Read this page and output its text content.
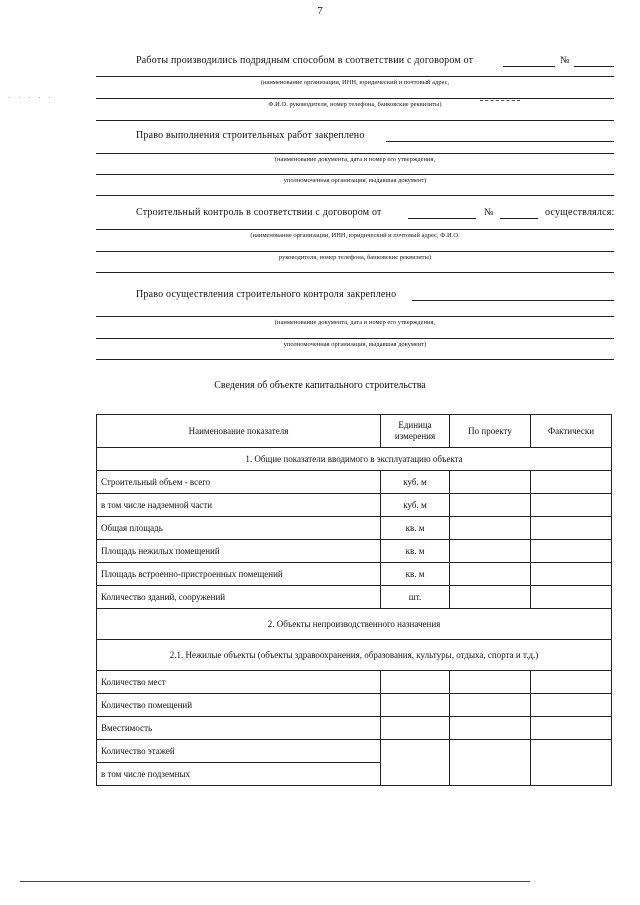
7
· · · · ·
Работы производились подрядным способом в соответствии с договором от	№
(наименование организации, ИНН, юридический и почтовый адрес,
Ф.И.О. руководителя, номер телефона, банковские реквизиты)
Право выполнения строительных работ закреплено
(наименование документа, дата и номер его утверждения,
уполномоченная организация, выдавшая документ)
Строительный контроль в соответствии с договором от	№	осуществлялся:
(наименование организации, ИНН, юридический и почтовый адрес, Ф.И.О.
руководителя, номер телефона, банковские реквизиты)
Право осуществления строительного контроля закреплено
(наименование документа, дата и номер его утверждения,
уполномоченная организация, выдавшая документ)
Сведения об объекте капитального строительства
Наименование показателя	Единица измерения	По проекту	Фактически
1. Общие показатели вводимого в эксплуатацию объекта			
Строительный объем - всего	куб. м		
в том числе надземной части	куб. м		
Общая площадь	кв. м		
Площадь нежилых помещений	кв. м		
Площадь встроенно-пристроенных помещений	кв. м		
Количество зданий, сооружений	шт.		
2. Объекты непроизводственного назначения			
2.1. Нежилые объекты (объекты здравоохранения, образования, культуры, отдыха, спорта и т.д.)			
Количество мест			
Количество помещений			
Вместимость			
Количество этажей			
в том числе подземных			
